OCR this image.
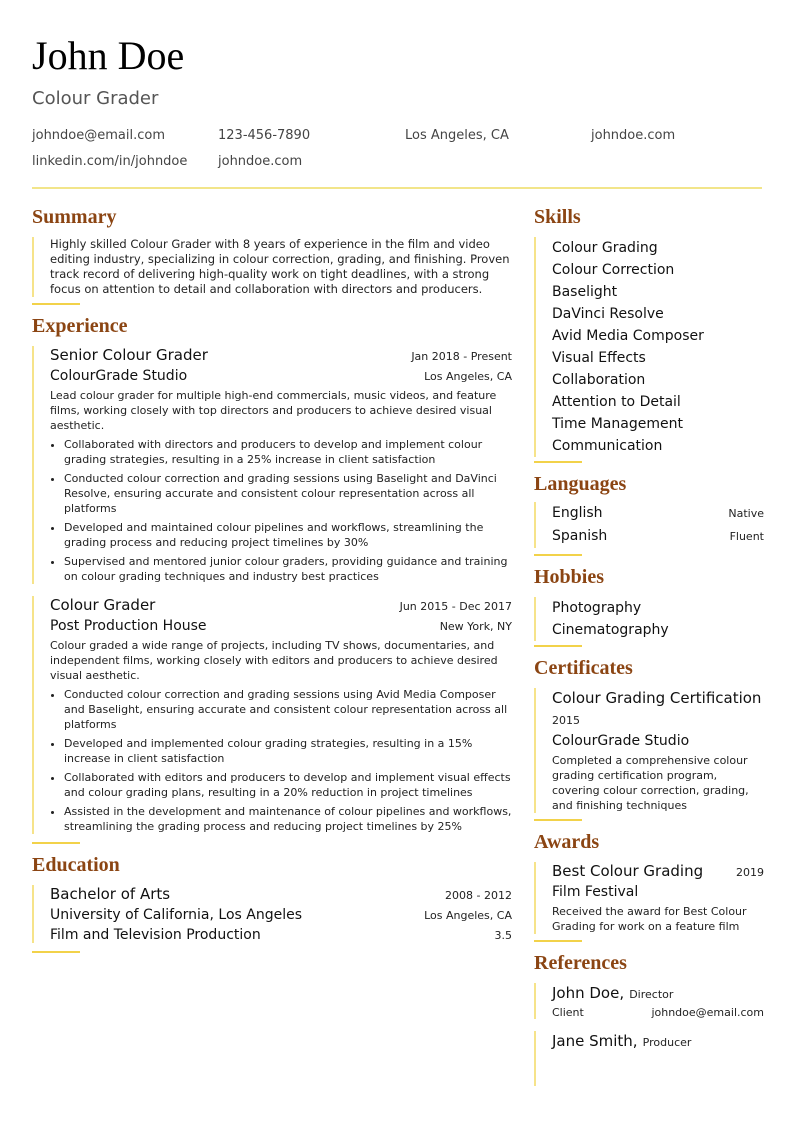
John Doe
Colour Grader
johndoe@email.com	123-456-7890	Los Angeles, CA	johndoe.com
linkedin.com/in/johndoe johndoe.com
Summary
Highly skilled Colour Grader with 8 years of experience in the film and video editing industry, specializing in colour correction, grading, and finishing. Proven track record of delivering high-quality work on tight deadlines, with a strong focus on attention to detail and collaboration with directors and producers.
Experience
Senior Colour Grader	Jan 2018 - Present
ColourGrade Studio	Los Angeles, CA
Lead colour grader for multiple high-end commercials, music videos, and feature films, working closely with top directors and producers to achieve desired visual aesthetic.
• Collaborated with directors and producers to develop and implement colour grading strategies, resulting in a 25% increase in client satisfaction
• Conducted colour correction and grading sessions using Baselight and DaVinci Resolve, ensuring accurate and consistent colour representation across all platforms
• Developed and maintained colour pipelines and workflows, streamlining the grading process and reducing project timelines by 30%
• Supervised and mentored junior colour graders, providing guidance and training on colour grading techniques and industry best practices
Colour Grader	Jun 2015 - Dec 2017
Post Production House	New York, NY
Colour graded a wide range of projects, including TV shows, documentaries, and independent films, working closely with editors and producers to achieve desired visual aesthetic.
• Conducted colour correction and grading sessions using Avid Media Composer and Baselight, ensuring accurate and consistent colour representation across all platforms
• Developed and implemented colour grading strategies, resulting in a 15% increase in client satisfaction
• Collaborated with editors and producers to develop and implement visual effects and colour grading plans, resulting in a 20% reduction in project timelines
• Assisted in the development and maintenance of colour pipelines and workflows, streamlining the grading process and reducing project timelines by 25%
Education
Bachelor of Arts	2008 - 2012
University of California, Los Angeles	Los Angeles, CA
Film and Television Production	3.5
Skills
Colour Grading
Colour Correction
Baselight
DaVinci Resolve
Avid Media Composer
Visual Effects
Collaboration
Attention to Detail
Time Management
Communication
Languages
English	Native
Spanish	Fluent
Hobbies
Photography
Cinematography
Certificates
Colour Grading Certification
2015
ColourGrade Studio
Completed a comprehensive colour grading certification program, covering colour correction, grading, and finishing techniques
Awards
Best Colour Grading	2019
Film Festival
Received the award for Best Colour Grading for work on a feature film
References
John Doe, Director
Client	johndoe@email.com
Jane Smith, Producer
